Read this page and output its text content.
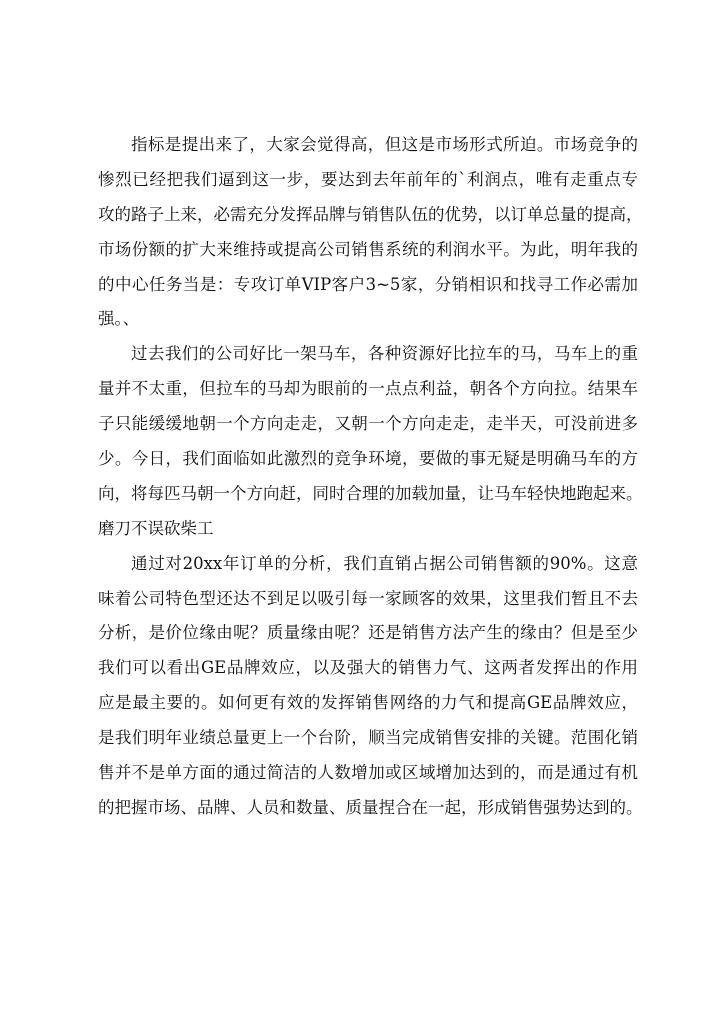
指标是提出来了，大家会觉得高，但这是市场形式所迫。市场竞争的
惨烈已经把我们逼到这一步，要达到去年前年的`利润点，唯有走重点专
攻的路子上来，必需充分发挥品牌与销售队伍的优势，以订单总量的提高，
市场份额的扩大来维持或提高公司销售系统的利润水平。为此，明年我的
的中心任务当是：专攻订单VIP客户3~5家，分销相识和找寻工作必需加
强。、
过去我们的公司好比一架马车，各种资源好比拉车的马，马车上的重
量并不太重，但拉车的马却为眼前的一点点利益，朝各个方向拉。结果车
子只能缓缓地朝一个方向走走，又朝一个方向走走，走半天，可没前进多
少。今日，我们面临如此激烈的竞争环境，要做的事无疑是明确马车的方
向，将每匹马朝一个方向赶，同时合理的加载加量，让马车轻快地跑起来。
磨刀不误砍柴工
通过对20xx年订单的分析，我们直销占据公司销售额的90%。这意
味着公司特色型还达不到足以吸引每一家顾客的效果，这里我们暂且不去
分析，是价位缘由呢？质量缘由呢？还是销售方法产生的缘由？但是至少
我们可以看出GE品牌效应，以及强大的销售力气、这两者发挥出的作用
应是最主要的。如何更有效的发挥销售网络的力气和提高GE品牌效应，
是我们明年业绩总量更上一个台阶，顺当完成销售安排的关键。范围化销
售并不是单方面的通过简洁的人数增加或区域增加达到的，而是通过有机
的把握市场、品牌、人员和数量、质量捏合在一起，形成销售强势达到的。
